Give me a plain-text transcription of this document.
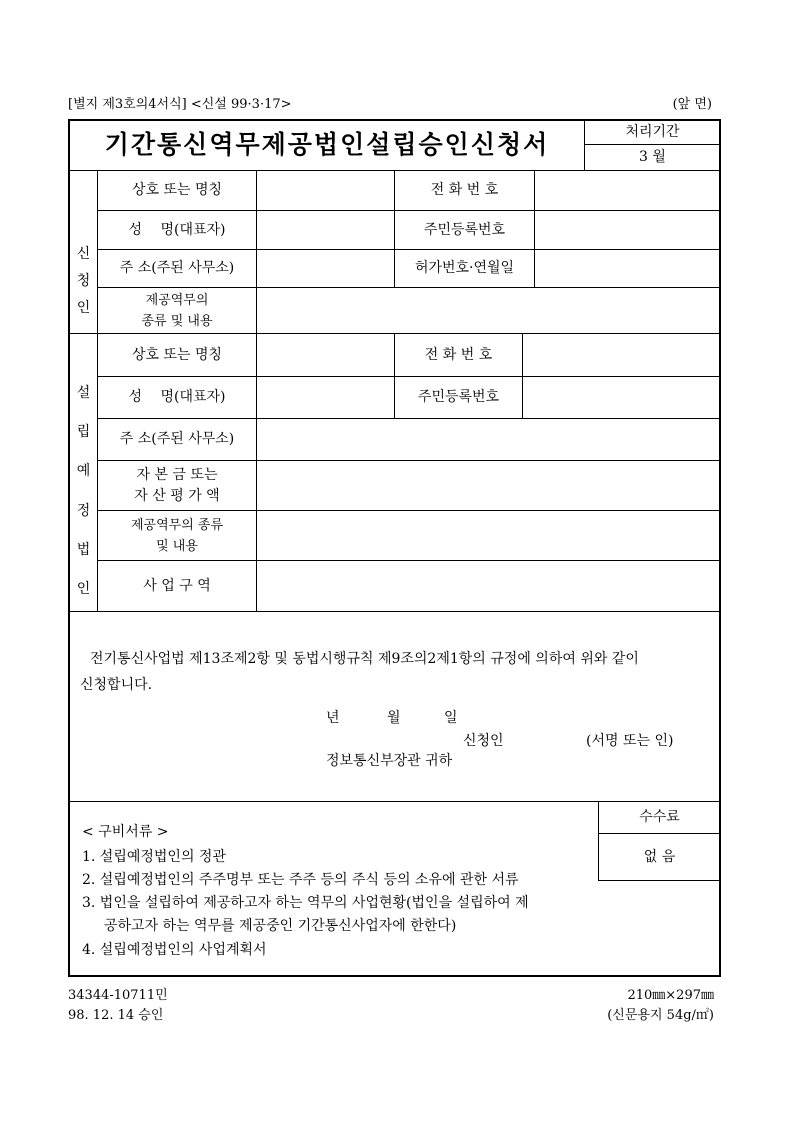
[별지 제3호의4서식] <신설 99·3·17>	(앞 면)
기간통신역무제공법인설립승인신청서	처리기간
3 월
신
청
인
상호 또는 명칭	전 화 번 호
성　 명(대표자)	주민등록번호
주 소(주된 사무소)	허가번호·연월일
제공역무의
종류 및 내용
설
립
예
정
법
인
상호 또는 명칭	전 화 번 호
성　 명(대표자)	주민등록번호
주 소(주된 사무소)
자 본 금 또는
자 산 평 가 액
제공역무의 종류
및 내용
사 업 구 역
전기통신사업법 제13조제2항 및 동법시행규칙 제9조의2제1항의 규정에 의하여 위와 같이
신청합니다.
년	월	일
신청인	(서명 또는 인)
정보통신부장관 귀하
수수료
없 음
< 구비서류 >
1. 설립예정법인의 정관
2. 설립예정법인의 주주명부 또는 주주 등의 주식 등의 소유에 관한 서류
3. 법인을 설립하여 제공하고자 하는 역무의 사업현황(법인을 설립하여 제
공하고자 하는 역무를 제공중인 기간통신사업자에 한한다)
4. 설립예정법인의 사업계획서
34344-10711민
98. 12. 14 승인
210㎜×297㎜
(신문용지 54g/㎡)
